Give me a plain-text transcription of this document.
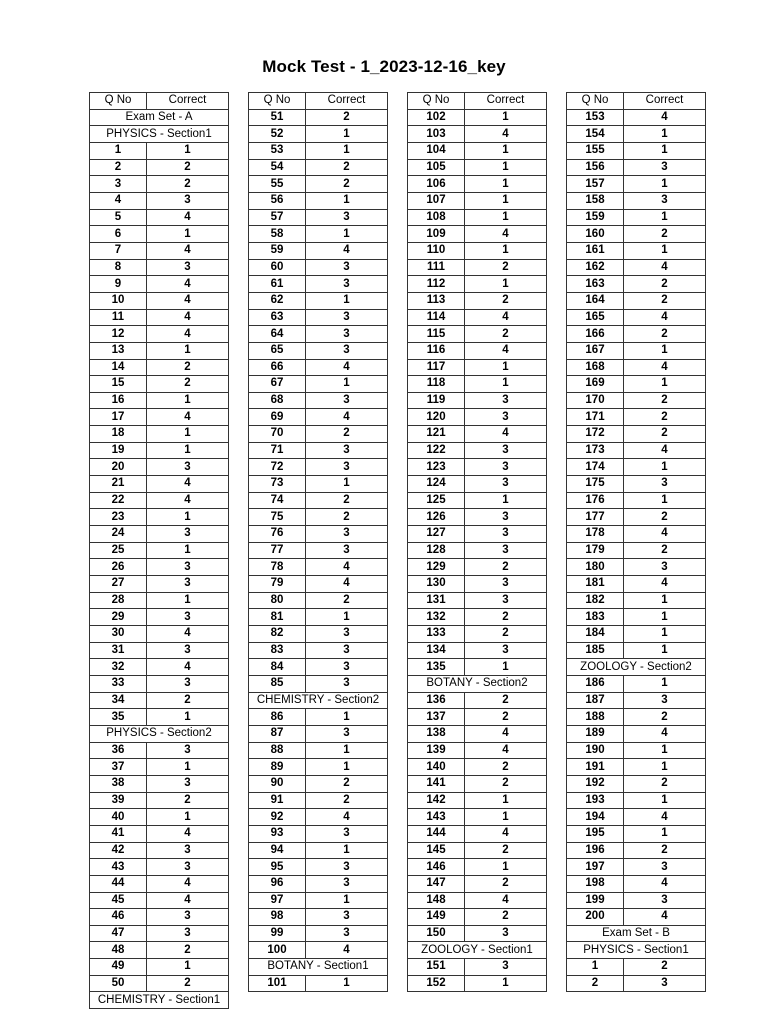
Mock Test - 1_2023-12-16_key
Q No	Correct
Exam Set - A	
PHYSICS - Section1	
1	1
2	2
3	2
4	3
5	4
6	1
7	4
8	3
9	4
10	4
11	4
12	4
13	1
14	2
15	2
16	1
17	4
18	1
19	1
20	3
21	4
22	4
23	1
24	3
25	1
26	3
27	3
28	1
29	3
30	4
31	3
32	4
33	3
34	2
35	1
PHYSICS - Section2	
36	3
37	1
38	3
39	2
40	1
41	4
42	3
43	3
44	4
45	4
46	3
47	3
48	2
49	1
50	2
CHEMISTRY - Section1	
Q No	Correct
51	2
52	1
53	1
54	2
55	2
56	1
57	3
58	1
59	4
60	3
61	3
62	1
63	3
64	3
65	3
66	4
67	1
68	3
69	4
70	2
71	3
72	3
73	1
74	2
75	2
76	3
77	3
78	4
79	4
80	2
81	1
82	3
83	3
84	3
85	3
CHEMISTRY - Section2	
86	1
87	3
88	1
89	1
90	2
91	2
92	4
93	3
94	1
95	3
96	3
97	1
98	3
99	3
100	4
BOTANY - Section1	
101	1
Q No	Correct
102	1
103	4
104	1
105	1
106	1
107	1
108	1
109	4
110	1
111	2
112	1
113	2
114	4
115	2
116	4
117	1
118	1
119	3
120	3
121	4
122	3
123	3
124	3
125	1
126	3
127	3
128	3
129	2
130	3
131	3
132	2
133	2
134	3
135	1
BOTANY - Section2	
136	2
137	2
138	4
139	4
140	2
141	2
142	1
143	1
144	4
145	2
146	1
147	2
148	4
149	2
150	3
ZOOLOGY - Section1	
151	3
152	1
Q No	Correct
153	4
154	1
155	1
156	3
157	1
158	3
159	1
160	2
161	1
162	4
163	2
164	2
165	4
166	2
167	1
168	4
169	1
170	2
171	2
172	2
173	4
174	1
175	3
176	1
177	2
178	4
179	2
180	3
181	4
182	1
183	1
184	1
185	1
ZOOLOGY - Section2	
186	1
187	3
188	2
189	4
190	1
191	1
192	2
193	1
194	4
195	1
196	2
197	3
198	4
199	3
200	4
Exam Set - B	
PHYSICS - Section1	
1	2
2	3
